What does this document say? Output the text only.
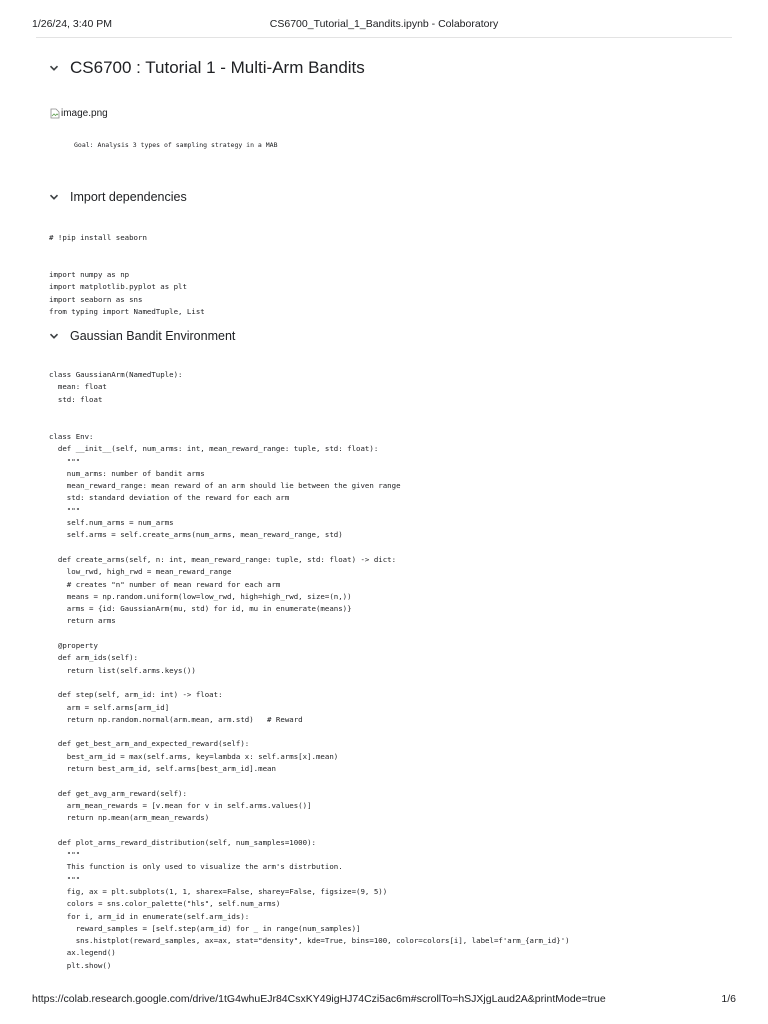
1/26/24, 3:40 PM	CS6700_Tutorial_1_Bandits.ipynb - Colaboratory
CS6700 : Tutorial 1 - Multi-Arm Bandits
image.png
Goal: Analysis 3 types of sampling strategy in a MAB
Import dependencies
# !pip install seaborn
import numpy as np
import matplotlib.pyplot as plt
import seaborn as sns
from typing import NamedTuple, List
Gaussian Bandit Environment
class GaussianArm(NamedTuple):
mean: float
std: float
class Env:
def __init__(self, num_arms: int, mean_reward_range: tuple, std: float):
"""
num_arms: number of bandit arms
mean_reward_range: mean reward of an arm should lie between the given range
std: standard deviation of the reward for each arm
"""
self.num_arms = num_arms
self.arms = self.create_arms(num_arms, mean_reward_range, std)
def create_arms(self, n: int, mean_reward_range: tuple, std: float) -> dict:
low_rwd, high_rwd = mean_reward_range
# creates "n" number of mean reward for each arm
means = np.random.uniform(low=low_rwd, high=high_rwd, size=(n,))
arms = {id: GaussianArm(mu, std) for id, mu in enumerate(means)}
return arms
@property
def arm_ids(self):
return list(self.arms.keys())
def step(self, arm_id: int) -> float:
arm = self.arms[arm_id]
return np.random.normal(arm.mean, arm.std)   # Reward
def get_best_arm_and_expected_reward(self):
best_arm_id = max(self.arms, key=lambda x: self.arms[x].mean)
return best_arm_id, self.arms[best_arm_id].mean
def get_avg_arm_reward(self):
arm_mean_rewards = [v.mean for v in self.arms.values()]
return np.mean(arm_mean_rewards)
def plot_arms_reward_distribution(self, num_samples=1000):
"""
This function is only used to visualize the arm's distrbution.
"""
fig, ax = plt.subplots(1, 1, sharex=False, sharey=False, figsize=(9, 5))
colors = sns.color_palette("hls", self.num_arms)
for i, arm_id in enumerate(self.arm_ids):
reward_samples = [self.step(arm_id) for _ in range(num_samples)]
sns.histplot(reward_samples, ax=ax, stat="density", kde=True, bins=100, color=colors[i], label=f'arm_{arm_id}')
ax.legend()
plt.show()
https://colab.research.google.com/drive/1tG4whuEJr84CsxKY49igHJ74Czi5ac6m#scrollTo=hSJXjgLaud2A&printMode=true	1/6
